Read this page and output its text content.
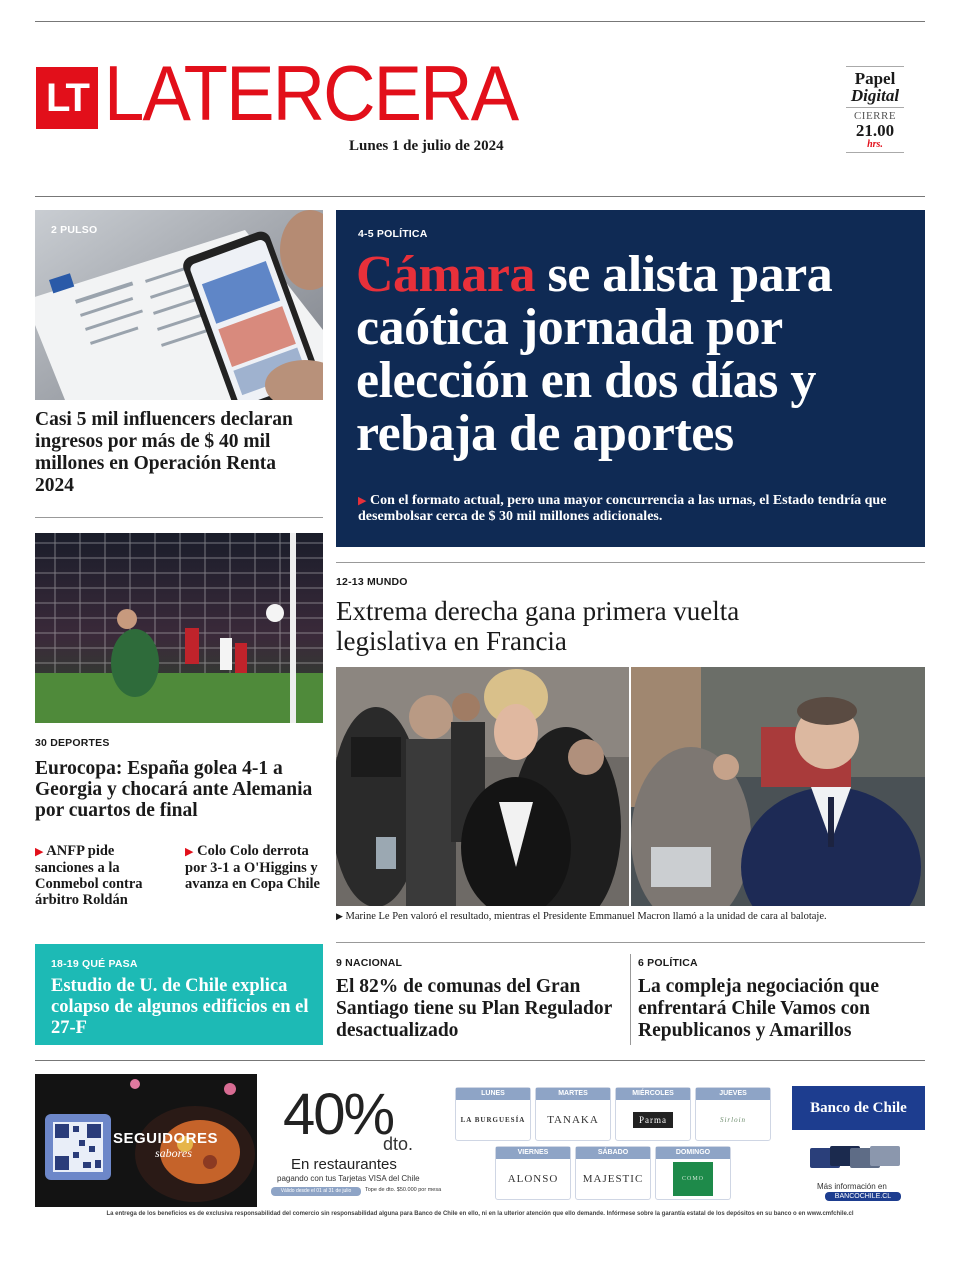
LT LATERCERA
Lunes 1 de julio de 2024
Papel
Digital
CIERRE
21.00
hrs.
2 PULSO
Casi 5 mil influencers declaran ingresos por más de $ 40 mil millones en Operación Renta 2024
4-5 POLÍTICA
Cámara se alista para caótica jornada por elección en dos días y rebaja de aportes
▶ Con el formato actual, pero una mayor concurrencia a las urnas, el Estado tendría que desembolsar cerca de $ 30 mil millones adicionales.
30 DEPORTES
Eurocopa: España golea 4-1 a Georgia y chocará ante Alemania por cuartos de final
▶ ANFP pide sanciones a la Conmebol contra árbitro Roldán
▶ Colo Colo derrota por 3-1 a O'Higgins y avanza en Copa Chile
18-19 QUÉ PASA
Estudio de U. de Chile explica colapso de algunos edificios en el 27-F
12-13 MUNDO
Extrema derecha gana primera vuelta legislativa en Francia
▶ Marine Le Pen valoró el resultado, mientras el Presidente Emmanuel Macron llamó a la unidad de cara al balotaje.
9 NACIONAL
El 82% de comunas del Gran Santiago tiene su Plan Regulador desactualizado
6 POLÍTICA
La compleja negociación que enfrentará Chile Vamos con Republicanos y Amarillos
SEGUIDORES
sabores
40%
dto.
En restaurantes
pagando con tus Tarjetas VISA del Chile
Válido desde el 01 al 31 de julio	Tope de dto. $50.000 por mesa
LUNES
LA BURGUESÍA
MARTES
TANAKA
MIÉRCOLES
Parma
JUEVES
Sirloin
VIERNES
ALONSO
SÁBADO
MAJESTIC
DOMINGO
COMO
Banco de Chile
Más información en
BANCOCHILE.CL
La entrega de los beneficios es de exclusiva responsabilidad del comercio sin responsabilidad alguna para Banco de Chile en ello, ni en la ulterior atención que ello demande. Infórmese sobre la garantía estatal de los depósitos en su banco o en www.cmfchile.cl
